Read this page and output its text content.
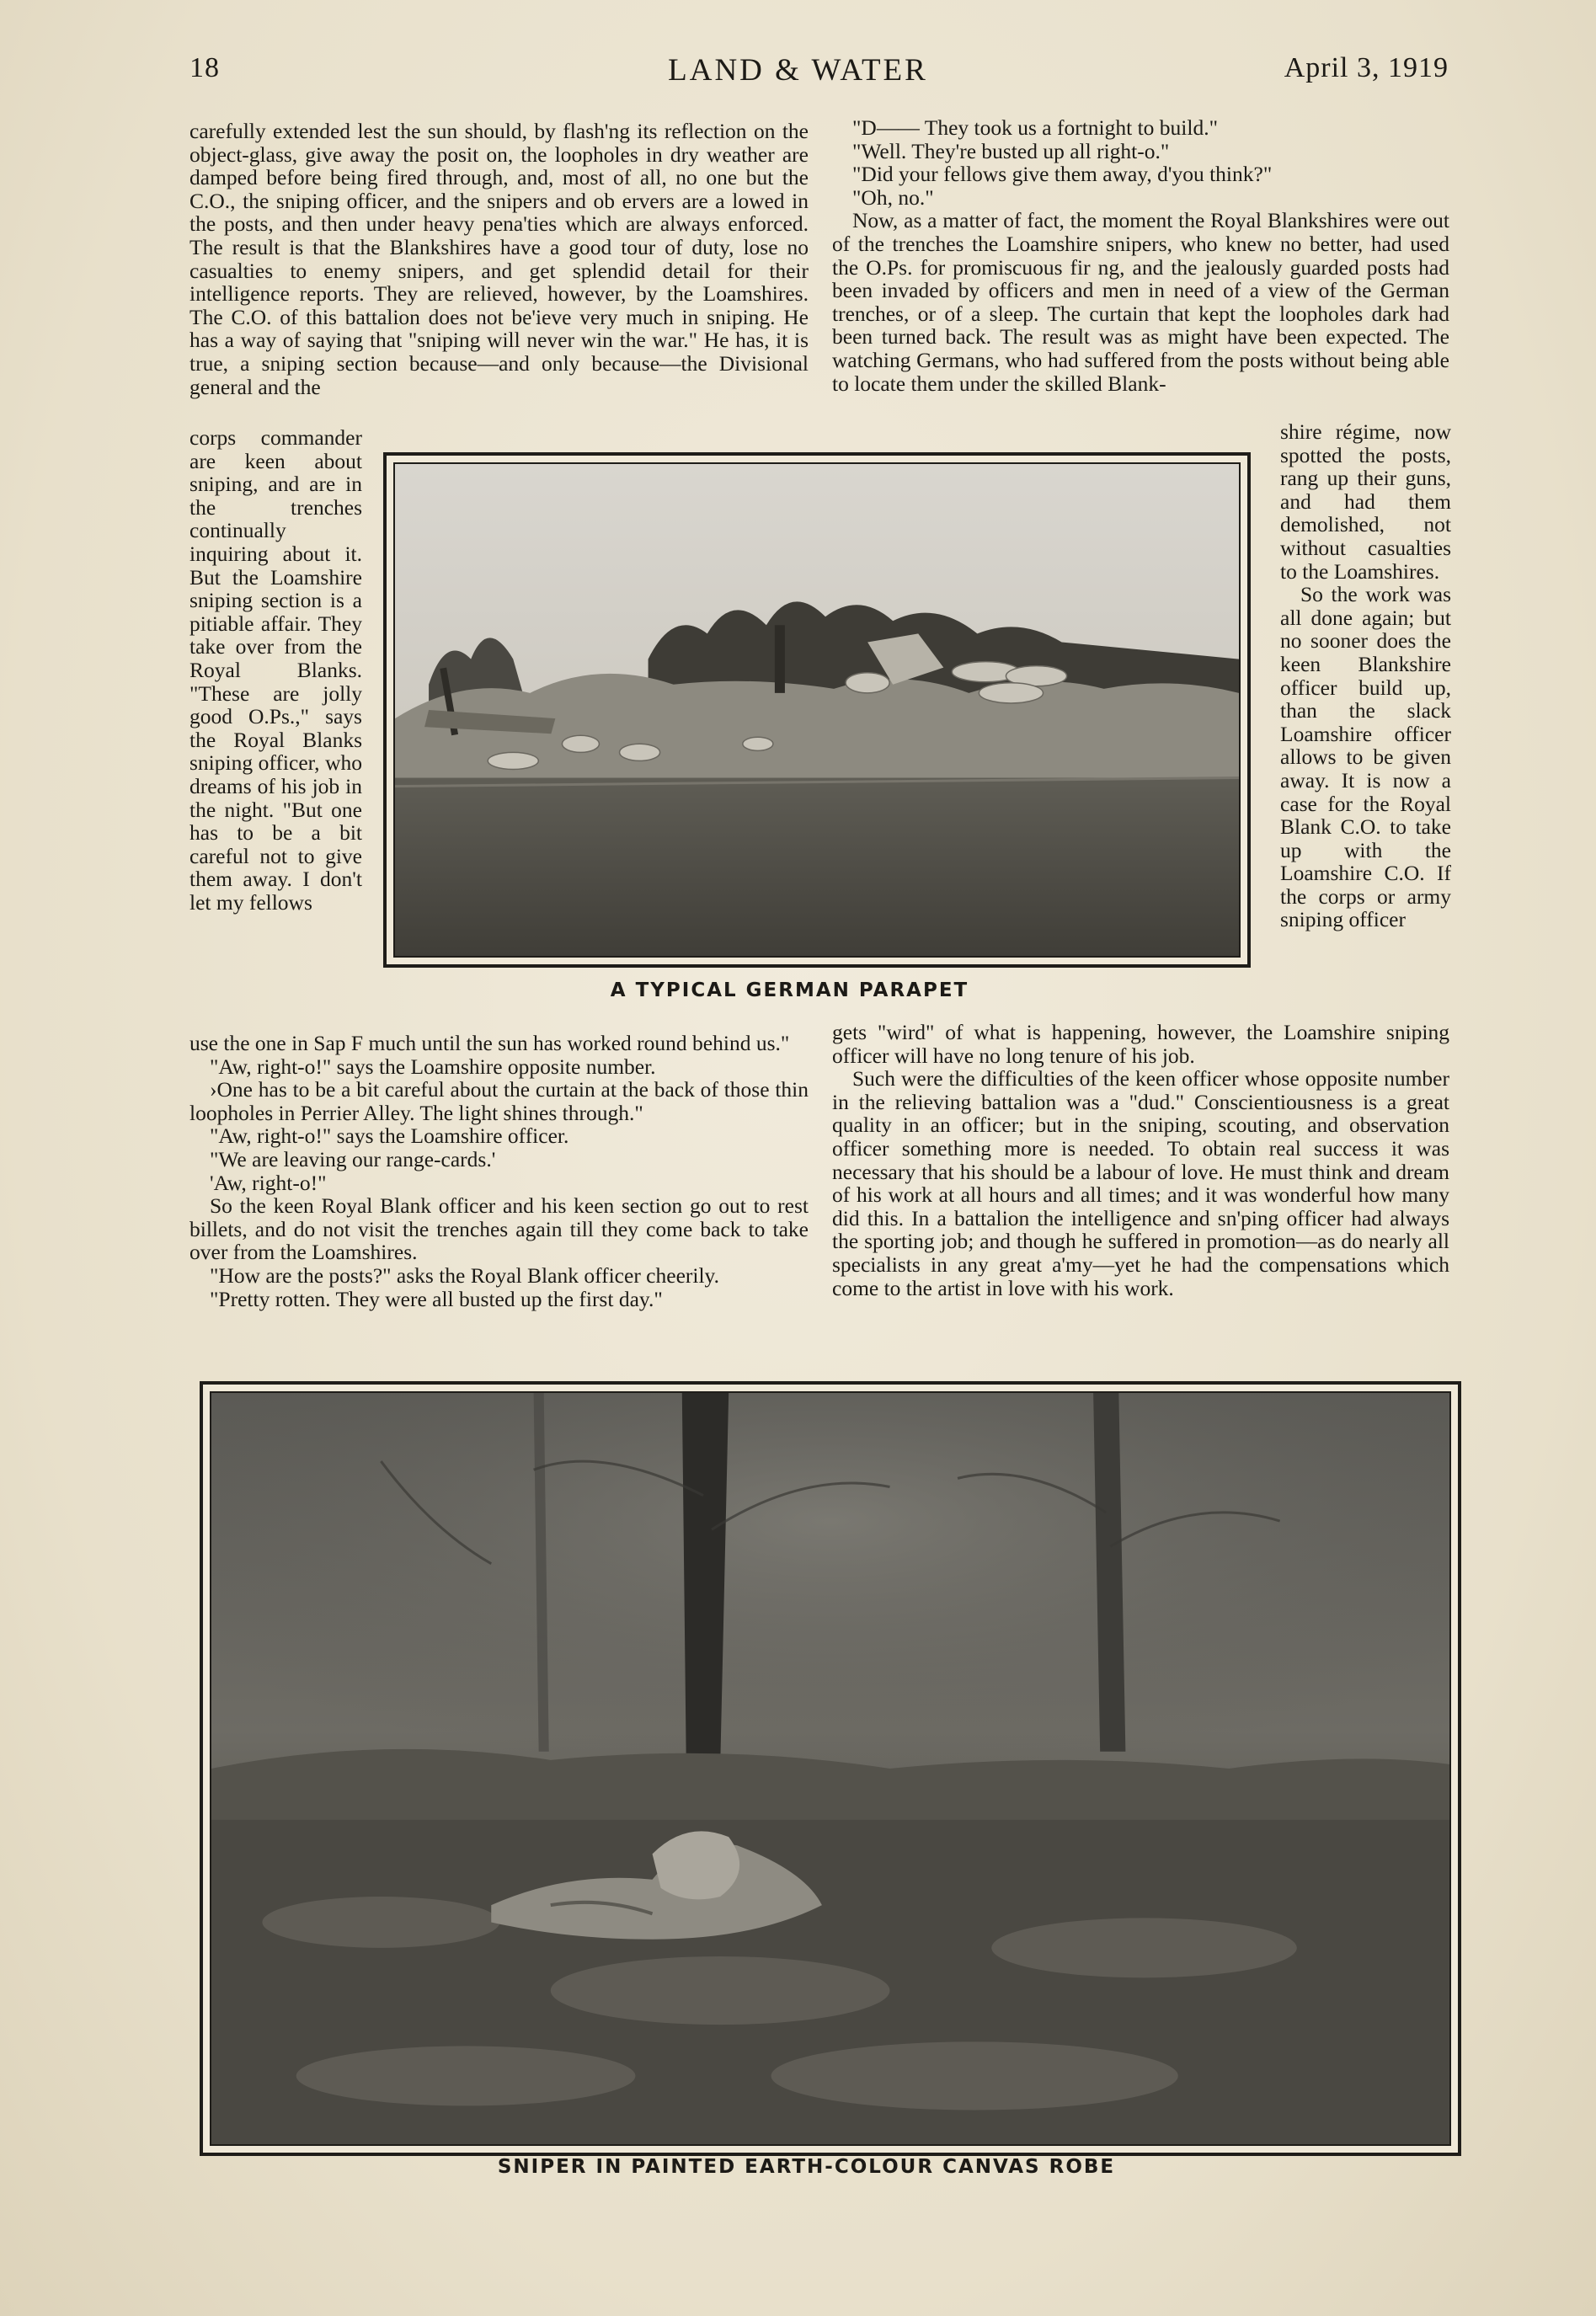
18	LAND & WATER	April 3, 1919

carefully extended lest the sun should, by flash'ng its reflection on the object-glass, give away the posit on, the loopholes in dry weather are damped before being fired through, and, most of all, no one but the C.O., the sniping officer, and the snipers and ob ervers are a lowed in the posts, and then under heavy pena'ties which are always enforced. The result is that the Blankshires have a good tour of duty, lose no casualties to enemy snipers, and get splendid detail for their intelligence reports. They are relieved, however, by the Loamshires. The C.O. of this battalion does not be'ieve very much in sniping. He has a way of saying that "sniping will never win the war." He has, it is true, a sniping section because—and only because—the Divisional general and the

corps commander are keen about sniping, and are in the trenches continually inquiring about it. But the Loamshire sniping section is a pitiable affair. They take over from the Royal Blanks. "These are jolly good O.Ps.," says the Royal Blanks sniping officer, who dreams of his job in the night. "But one has to be a bit careful not to give them away. I don't let my fellows

use the one in Sap F much until the sun has worked round behind us."

"Aw, right-o!" says the Loamshire opposite number.

›One has to be a bit careful about the curtain at the back of those thin loopholes in Perrier Alley. The light shines through."

"Aw, right-o!" says the Loamshire officer.

"We are leaving our range-cards.'

'Aw, right-o!"

So the keen Royal Blank officer and his keen section go out to rest billets, and do not visit the trenches again till they come back to take over from the Loamshires.

"How are the posts?" asks the Royal Blank officer cheerily.

"Pretty rotten. They were all busted up the first day."

"D—— They took us a fortnight to build."

"Well. They're busted up all right-o."

"Did your fellows give them away, d'you think?"

"Oh, no."

Now, as a matter of fact, the moment the Royal Blankshires were out of the trenches the Loamshire snipers, who knew no better, had used the O.Ps. for promiscuous fir ng, and the jealously guarded posts had been invaded by officers and men in need of a view of the German trenches, or of a sleep. The curtain that kept the loopholes dark had been turned back. The result was as might have been expected. The watching Germans, who had suffered from the posts without being able to locate them under the skilled Blank-

shire régime, now spotted the posts, rang up their guns, and had them demolished, not without casualties to the Loamshires.

So the work was all done again; but no sooner does the keen Blankshire officer build up, than the slack Loamshire officer allows to be given away. It is now a case for the Royal Blank C.O. to take up with the Loamshire C.O. If the corps or army sniping officer

gets "wird" of what is happening, however, the Loamshire sniping officer will have no long tenure of his job.

Such were the difficulties of the keen officer whose opposite number in the relieving battalion was a "dud." Conscientiousness is a great quality in an officer; but in the sniping, scouting, and observation officer something more is needed. To obtain real success it was necessary that his should be a labour of love. He must think and dream of his work at all hours and all times; and it was wonderful how many did this. In a battalion the intelligence and sn'ping officer had always the sporting job; and though he suffered in promotion—as do nearly all specialists in any great a'my—yet he had the compensations which come to the artist in love with his work.

A TYPICAL GERMAN PARAPET
SNIPER IN PAINTED EARTH-COLOUR CANVAS ROBE
